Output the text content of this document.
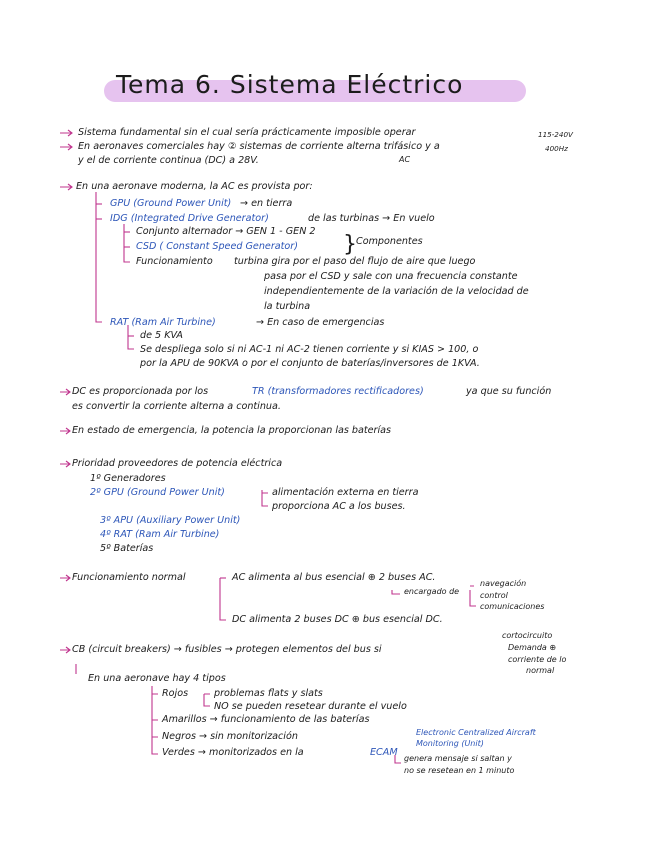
Tema 6. Sistema Eléctrico
Sistema fundamental sin el cual sería prácticamente imposible operar
En aeronaves comerciales hay ② sistemas de corriente alterna trifásico y a
AC
115-240V
400Hz
y el de corriente continua (DC) a 28V.
En una aeronave moderna, la AC es provista por:
GPU (Ground Power Unit) → en tierra
IDG (Integrated Drive Generator)	de las turbinas → En vuelo
Conjunto alternador → GEN 1 - GEN 2
CSD ( Constant Speed Generator) } Componentes
Funcionamiento turbina gira por el paso del flujo de aire que luego
pasa por el CSD y sale con una frecuencia constante
independientemente de la variación de la velocidad de
la turbina
RAT (Ram Air Turbine)	→ En caso de emergencias
de 5 KVA
Se despliega solo si ni AC-1 ni AC-2 tienen corriente y si KIAS > 100, o
por la APU de 90KVA o por el conjunto de baterías/inversores de 1KVA.
DC es proporcionada por los	TR (transformadores rectificadores)	ya que su función
es convertir la corriente alterna a continua.
En estado de emergencia, la potencia la proporcionan las baterías
Prioridad proveedores de potencia eléctrica
1º Generadores
2º GPU (Ground Power Unit)	alimentación externa en tierra
proporciona AC a los buses.
3º APU (Auxiliary Power Unit)
4º RAT (Ram Air Turbine)
5º Baterías
Funcionamiento normal	AC alimenta al bus esencial ⊕ 2 buses AC.
encargado de
navegación
control
comunicaciones
DC alimenta 2 buses DC ⊕ bus esencial DC.
CB (circuit breakers) → fusibles → protegen elementos del bus si
cortocircuito
Demanda ⊕
corriente de lo
normal
En una aeronave hay 4 tipos
Rojos	problemas flats y slats
NO se pueden resetear durante el vuelo
Amarillos → funcionamiento de las baterías
Negros → sin monitorización
Verdes → monitorizados en la	ECAM
Electronic Centralized Aircraft
Monitoring (Unit)
genera mensaje si saltan y
no se resetean en 1 minuto
